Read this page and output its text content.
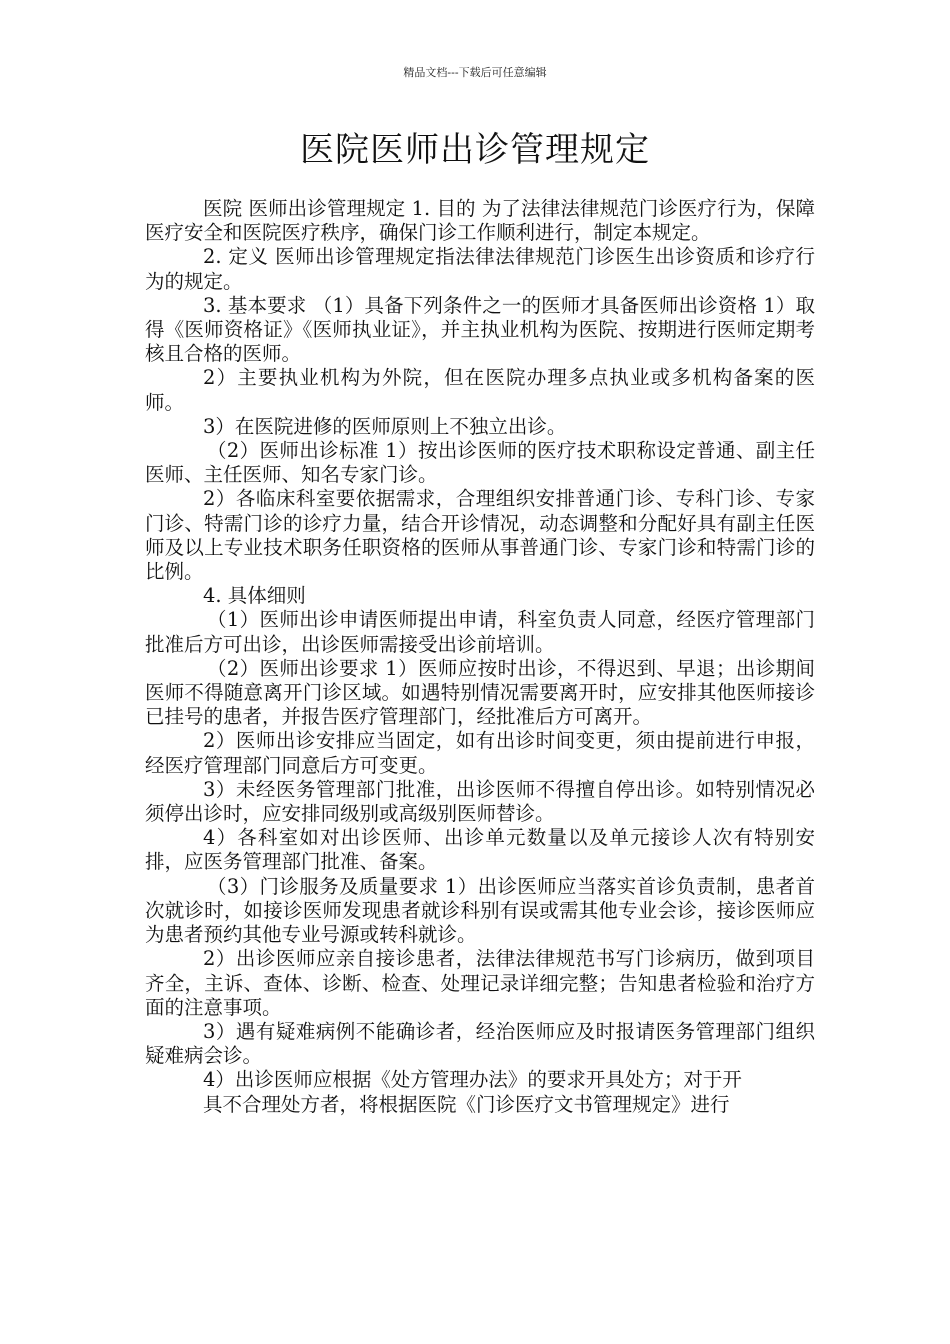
精品文档---下载后可任意编辑
医院医师出诊管理规定

医院 医师出诊管理规定 1. 目的 为了法律法律规范门诊医疗行为，保障医疗安全和医院医疗秩序，确保门诊工作顺利进行，制定本规定。

2. 定义 医师出诊管理规定指法律法律规范门诊医生出诊资质和诊疗行为的规定。

3. 基本要求 （1）具备下列条件之一的医师才具备医师出诊资格 1）取得《医师资格证》《医师执业证》，并主执业机构为医院、按期进行医师定期考核且合格的医师。

2）主要执业机构为外院，但在医院办理多点执业或多机构备案的医师。

3）在医院进修的医师原则上不独立出诊。

（2）医师出诊标准 1）按出诊医师的医疗技术职称设定普通、副主任医师、主任医师、知名专家门诊。

2）各临床科室要依据需求，合理组织安排普通门诊、专科门诊、专家门诊、特需门诊的诊疗力量，结合开诊情况，动态调整和分配好具有副主任医师及以上专业技术职务任职资格的医师从事普通门诊、专家门诊和特需门诊的比例。

4. 具体细则

（1）医师出诊申请医师提出申请，科室负责人同意，经医疗管理部门批准后方可出诊，出诊医师需接受出诊前培训。

（2）医师出诊要求 1）医师应按时出诊，不得迟到、早退；出诊期间医师不得随意离开门诊区域。如遇特别情况需要离开时，应安排其他医师接诊已挂号的患者，并报告医疗管理部门，经批准后方可离开。

2）医师出诊安排应当固定，如有出诊时间变更，须由提前进行申报，经医疗管理部门同意后方可变更。

3）未经医务管理部门批准，出诊医师不得擅自停出诊。如特别情况必须停出诊时，应安排同级别或高级别医师替诊。

4）各科室如对出诊医师、出诊单元数量以及单元接诊人次有特别安排，应医务管理部门批准、备案。

（3）门诊服务及质量要求 1）出诊医师应当落实首诊负责制，患者首次就诊时，如接诊医师发现患者就诊科别有误或需其他专业会诊，接诊医师应为患者预约其他专业号源或转科就诊。

2）出诊医师应亲自接诊患者，法律法律规范书写门诊病历，做到项目齐全，主诉、查体、诊断、检查、处理记录详细完整；告知患者检验和治疗方面的注意事项。

3）遇有疑难病例不能确诊者，经治医师应及时报请医务管理部门组织疑难病会诊。

4）出诊医师应根据《处方管理办法》的要求开具处方；对于开

具不合理处方者，将根据医院《门诊医疗文书管理规定》进行
